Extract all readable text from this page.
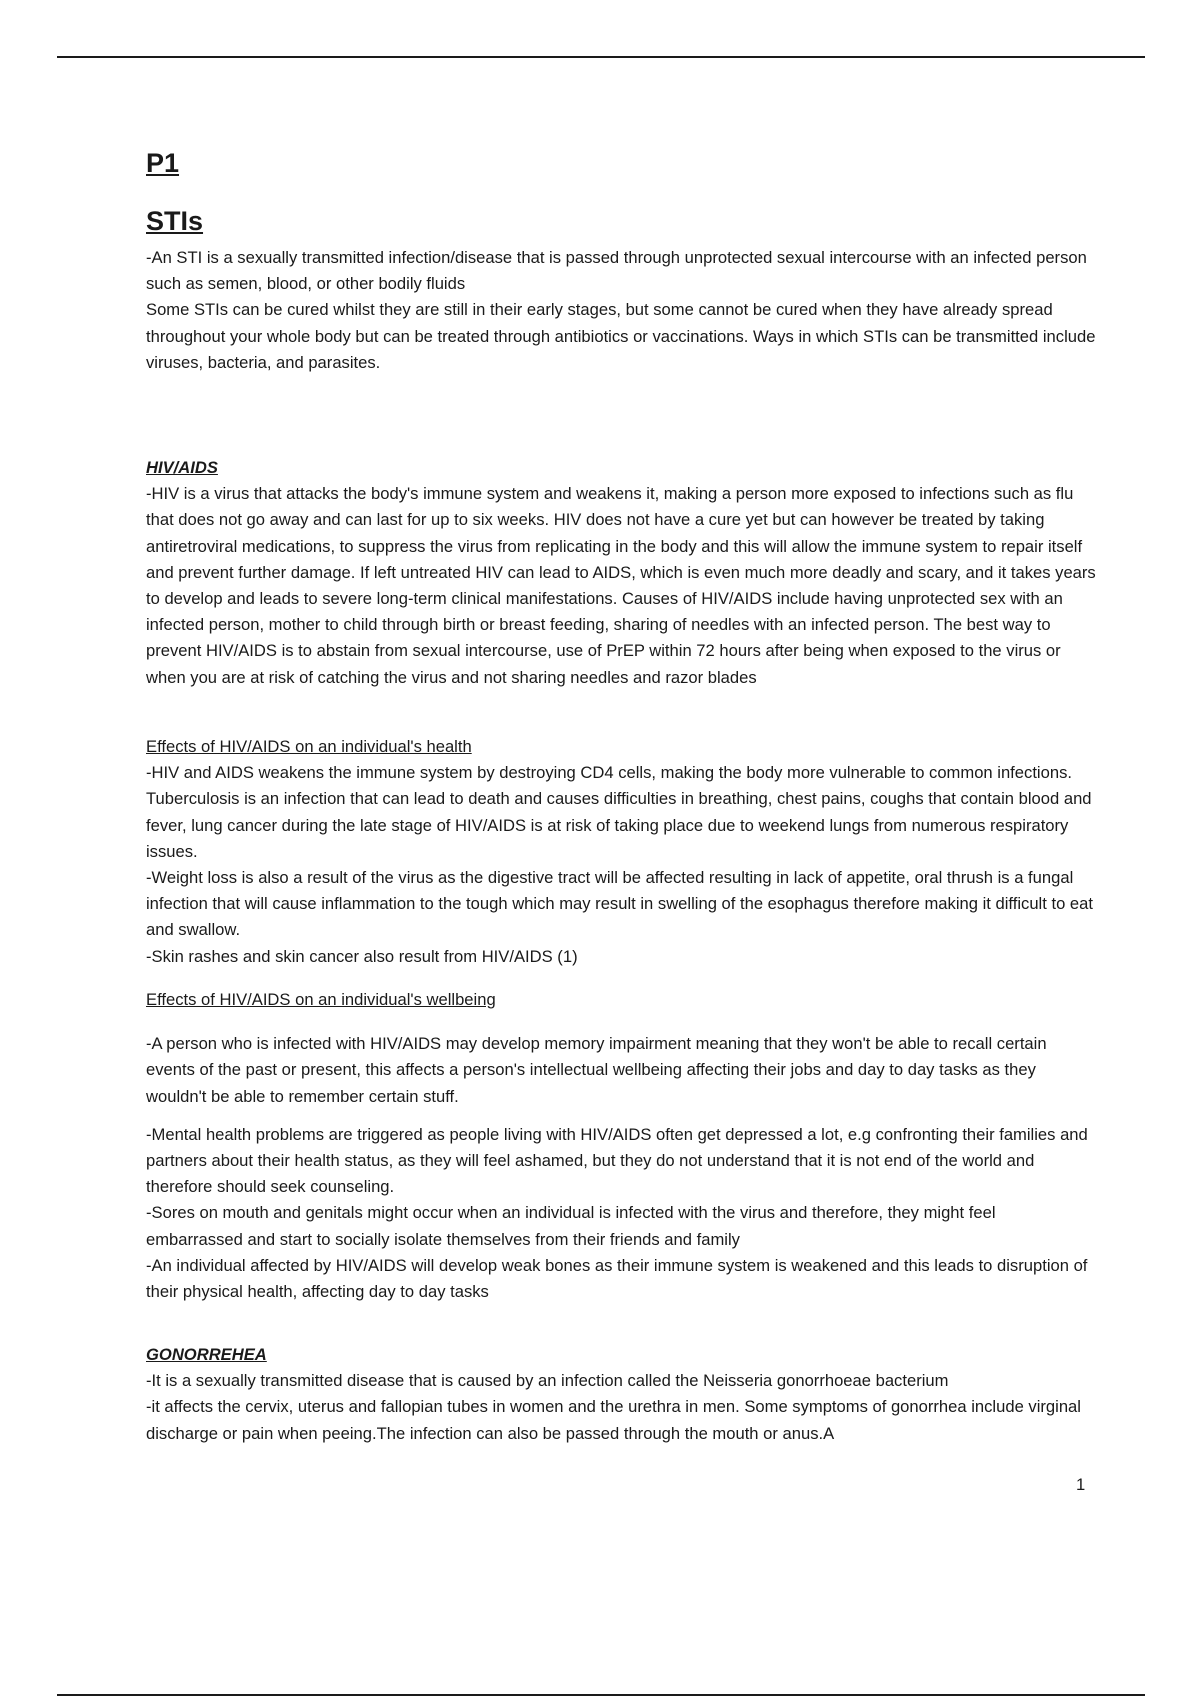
P1
STIs

-An STI is a sexually transmitted infection/disease that is passed through unprotected sexual intercourse with an infected person such as semen, blood, or other bodily fluids

Some STIs can be cured whilst they are still in their early stages, but some cannot be cured when they have already spread throughout your whole body but can be treated through antibiotics or vaccinations. Ways in which STIs can be transmitted include viruses, bacteria, and parasites.

HIV/AIDS

-HIV is a virus that attacks the body's immune system and weakens it, making a person more exposed to infections such as flu that does not go away and can last for up to six weeks. HIV does not have a cure yet but can however be treated by taking antiretroviral medications, to suppress the virus from replicating in the body and this will allow the immune system to repair itself and prevent further damage. If left untreated HIV can lead to AIDS, which is even much more deadly and scary, and it takes years to develop and leads to severe long-term clinical manifestations. Causes of HIV/AIDS include having unprotected sex with an infected person, mother to child through birth or breast feeding, sharing of needles with an infected person. The best way to prevent HIV/AIDS is to abstain from sexual intercourse, use of PrEP within 72 hours after being when exposed to the virus or when you are at risk of catching the virus and not sharing needles and razor blades

Effects of HIV/AIDS on an individual's health

-HIV and AIDS weakens the immune system by destroying CD4 cells, making the body more vulnerable to common infections. Tuberculosis is an infection that can lead to death and causes difficulties in breathing, chest pains, coughs that contain blood and fever, lung cancer during the late stage of HIV/AIDS is at risk of taking place due to weekend lungs from numerous respiratory issues.

-Weight loss is also a result of the virus as the digestive tract will be affected resulting in lack of appetite, oral thrush is a fungal infection that will cause inflammation to the tough which may result in swelling of the esophagus therefore making it difficult to eat and swallow.

-Skin rashes and skin cancer also result from HIV/AIDS (1)

Effects of HIV/AIDS on an individual's wellbeing

-A person who is infected with HIV/AIDS may develop memory impairment meaning that they won't be able to recall certain events of the past or present, this affects a person's intellectual wellbeing affecting their jobs and day to day tasks as they wouldn't be able to remember certain stuff.

-Mental health problems are triggered as people living with HIV/AIDS often get depressed a lot, e.g confronting their families and partners about their health status, as they will feel ashamed, but they do not understand that it is not end of the world and therefore should seek counseling.

-Sores on mouth and genitals might occur when an individual is infected with the virus and therefore, they might feel embarrassed and start to socially isolate themselves from their friends and family

-An individual affected by HIV/AIDS will develop weak bones as their immune system is weakened and this leads to disruption of their physical health, affecting day to day tasks

GONORREHEA

-It is a sexually transmitted disease that is caused by an infection called the Neisseria gonorrhoeae bacterium

-it affects the cervix, uterus and fallopian tubes in women and the urethra in men. Some symptoms of gonorrhea include virginal discharge or pain when peeing.The infection can also be passed through the mouth or anus.A

1
